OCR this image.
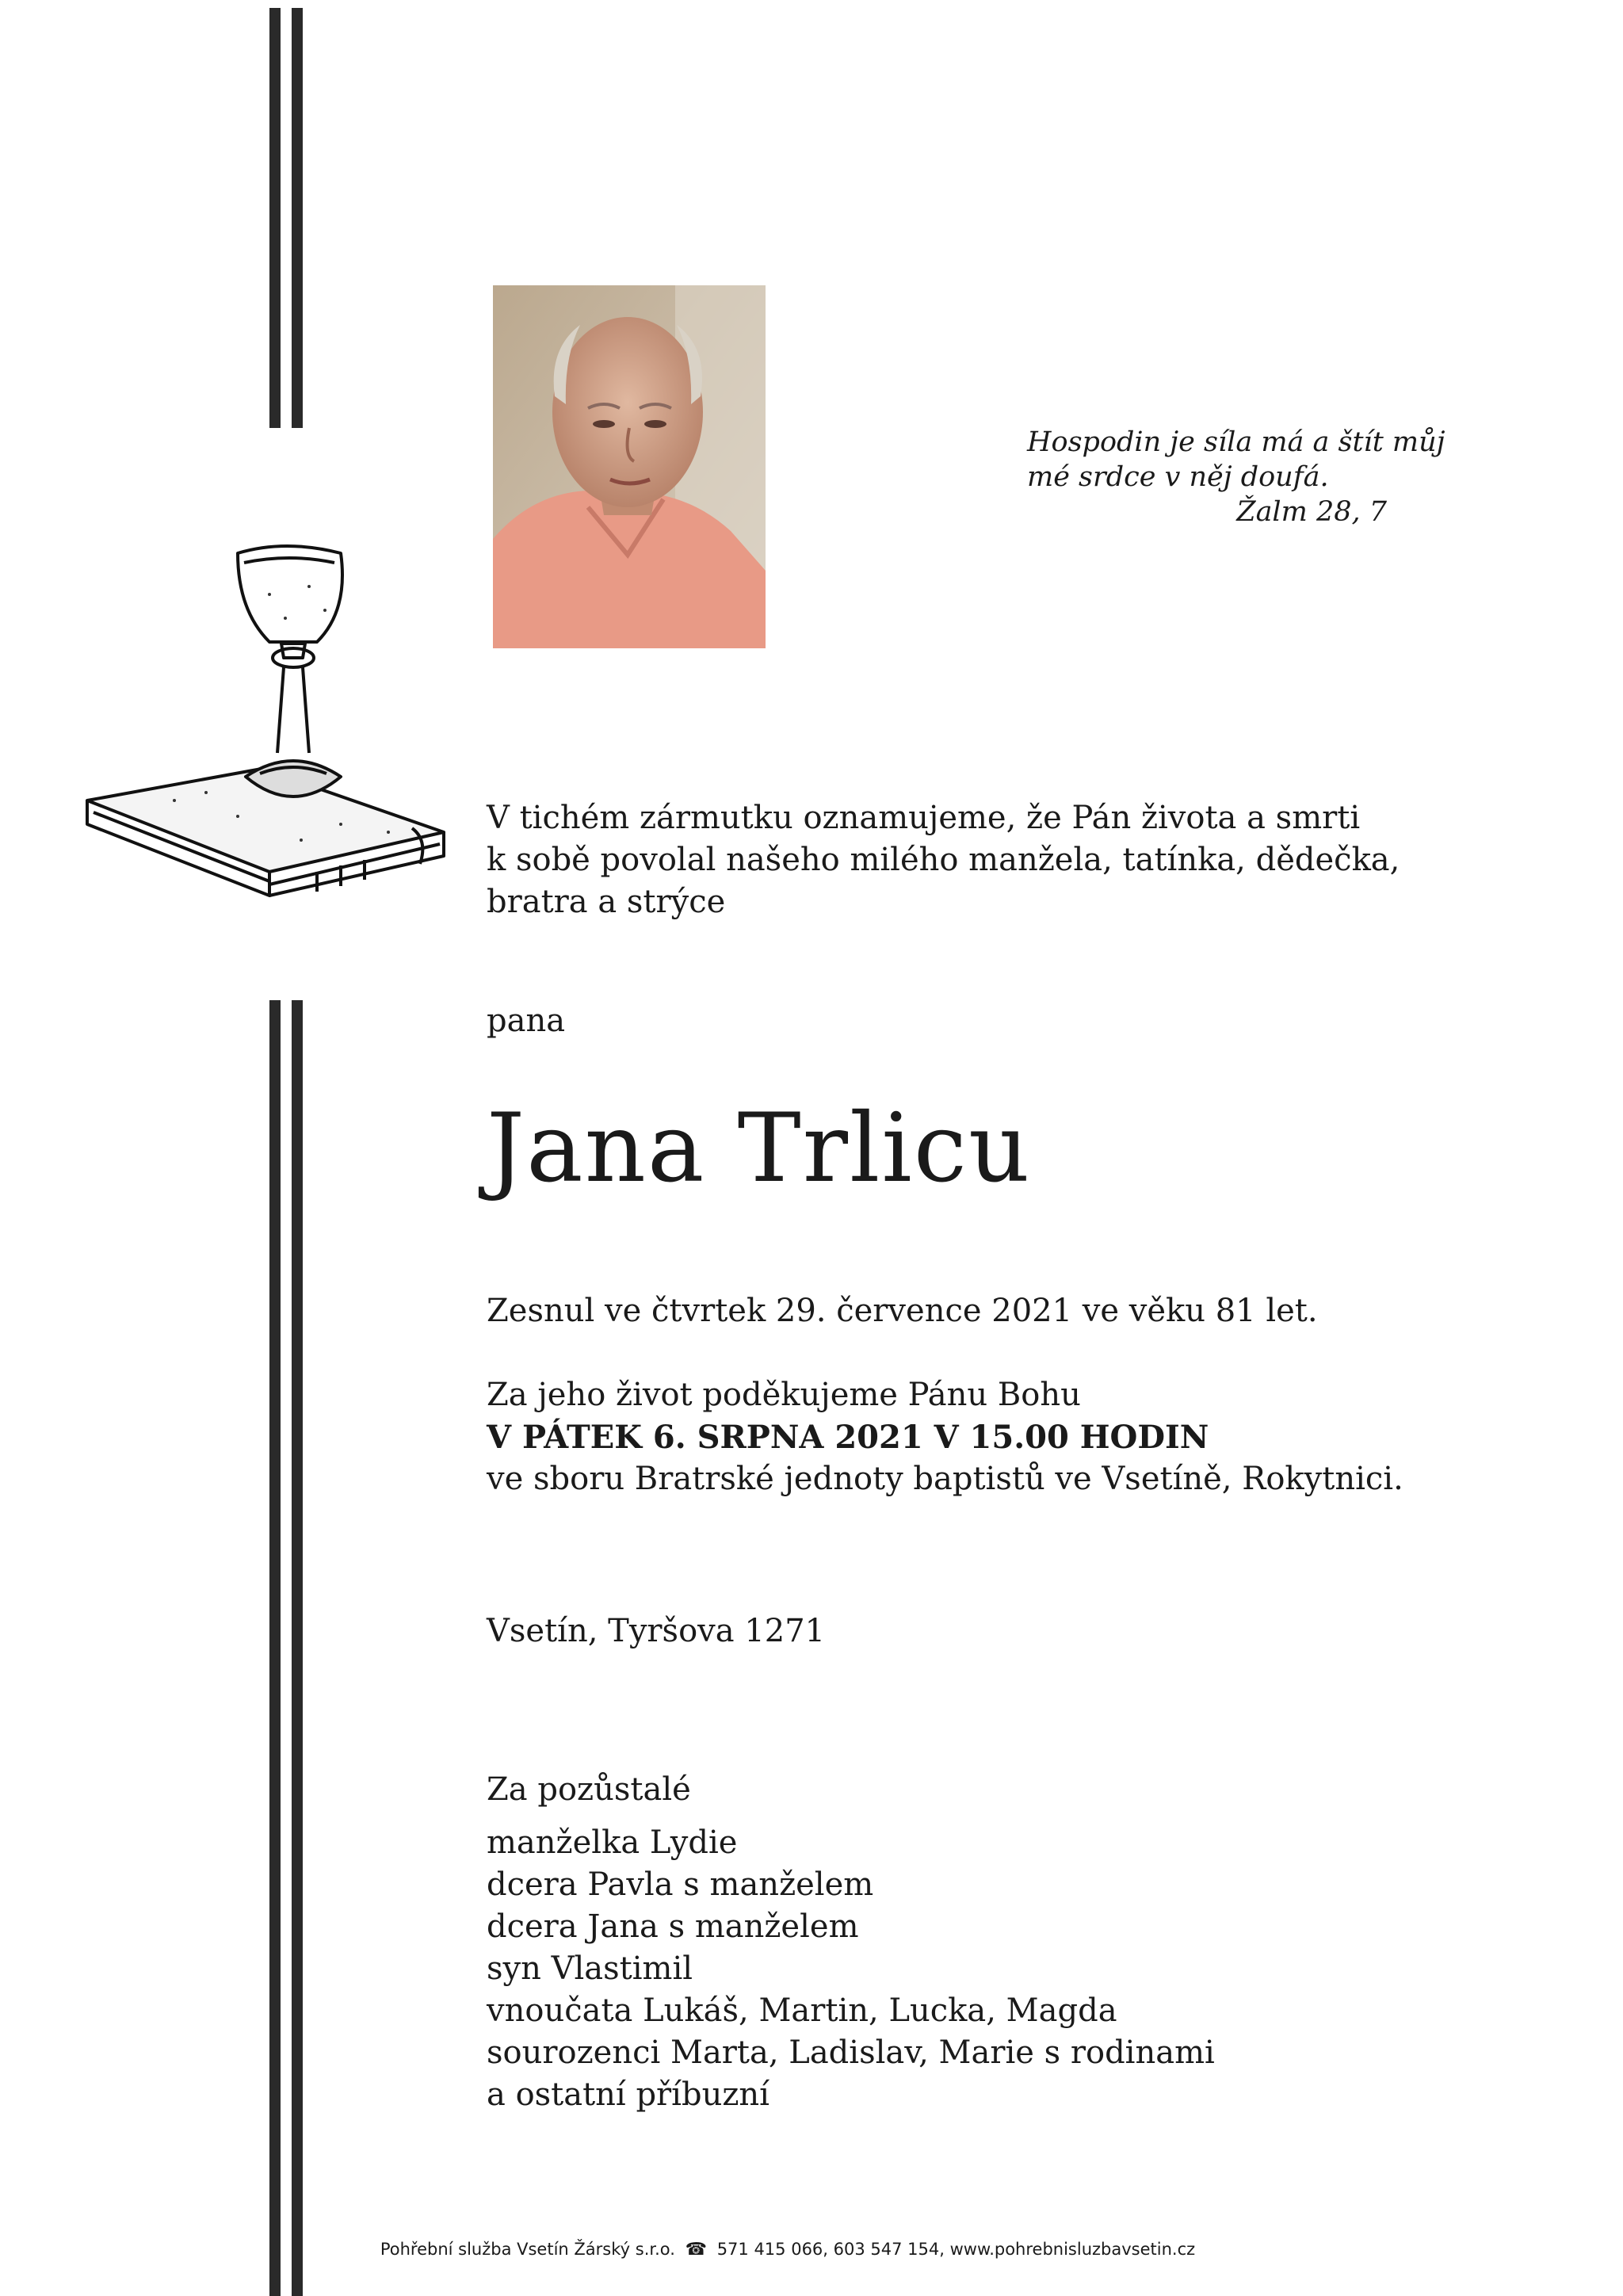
Hospodin je síla má a štít můj
mé srdce v něj doufá.
Žalm 28, 7
V tichém zármutku oznamujeme, že Pán života a smrti
k sobě povolal našeho milého manžela, tatínka, dědečka,
bratra a strýce
pana
Jana Trlicu
Zesnul ve čtvrtek 29. července 2021 ve věku 81 let.
Za jeho život poděkujeme Pánu Bohu
V PÁTEK 6. SRPNA 2021 V 15.00 HODIN
ve sboru Bratrské jednoty baptistů ve Vsetíně, Rokytnici.
Vsetín, Tyršova 1271
Za pozůstalé
manželka Lydie
dcera Pavla s manželem
dcera Jana s manželem
syn Vlastimil
vnoučata Lukáš, Martin, Lucka, Magda
sourozenci Marta, Ladislav, Marie s rodinami
a ostatní příbuzní
Pohřební služba Vsetín Žárský s.r.o. ☎ 571 415 066, 603 547 154, www.pohrebnisluzbavsetin.cz
